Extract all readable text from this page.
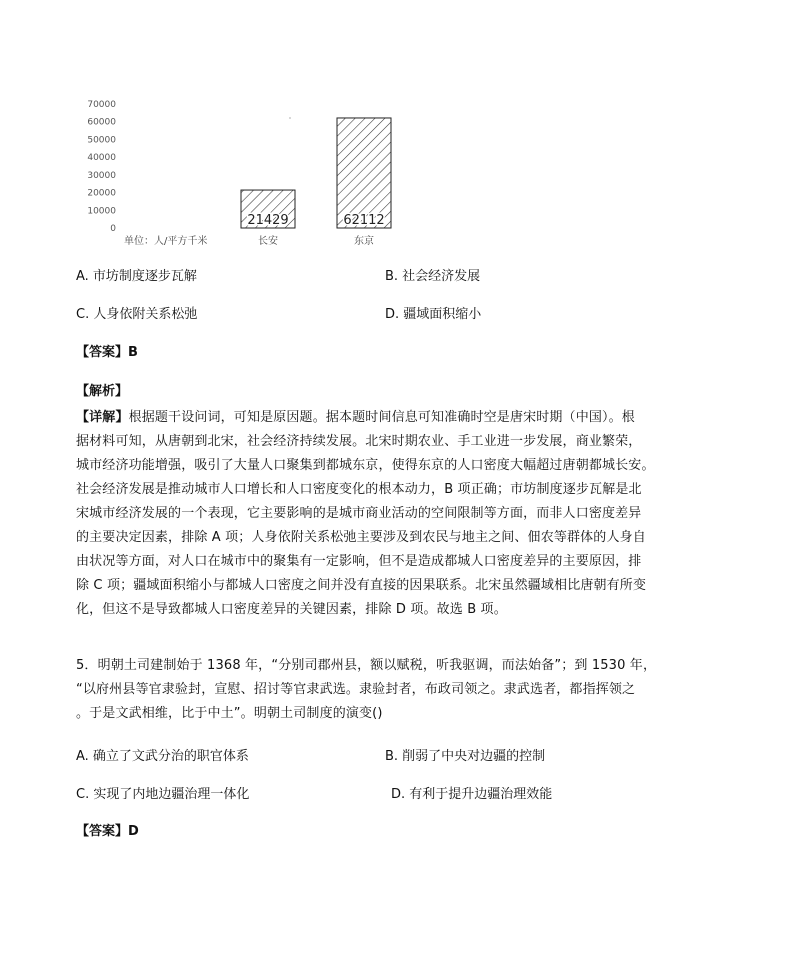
0
10000
20000
30000
40000
50000
60000
70000
21429	62112
长安	东京
单位：人/平方千米
A. 市坊制度逐步瓦解	B. 社会经济发展
C. 人身依附关系松弛	D. 疆域面积缩小
【答案】B
【解析】
【详解】根据题干设问词，可知是原因题。据本题时间信息可知准确时空是唐宋时期（中国）。根
据材料可知，从唐朝到北宋，社会经济持续发展。北宋时期农业、手工业进一步发展，商业繁荣，
城市经济功能增强，吸引了大量人口聚集到都城东京，使得东京的人口密度大幅超过唐朝都城长安。
社会经济发展是推动城市人口增长和人口密度变化的根本动力，B 项正确；市坊制度逐步瓦解是北
宋城市经济发展的一个表现，它主要影响的是城市商业活动的空间限制等方面，而非人口密度差异
的主要决定因素，排除 A 项；人身依附关系松弛主要涉及到农民与地主之间、佃农等群体的人身自
由状况等方面，对人口在城市中的聚集有一定影响，但不是造成都城人口密度差异的主要原因，排
除 C 项；疆域面积缩小与都城人口密度之间并没有直接的因果联系。北宋虽然疆域相比唐朝有所变
化，但这不是导致都城人口密度差异的关键因素，排除 D 项。故选 B 项。
5．明朝土司建制始于 1368 年，“分别司郡州县，额以赋税，听我驱调，而法始备”；到 1530 年，
“以府州县等官隶验封，宣慰、招讨等官隶武选。隶验封者，布政司领之。隶武选者，都指挥领之
。于是文武相维，比于中土”。明朝土司制度的演变()
A. 确立了文武分治的职官体系	B. 削弱了中央对边疆的控制
C. 实现了内地边疆治理一体化	D. 有利于提升边疆治理效能
【答案】D
